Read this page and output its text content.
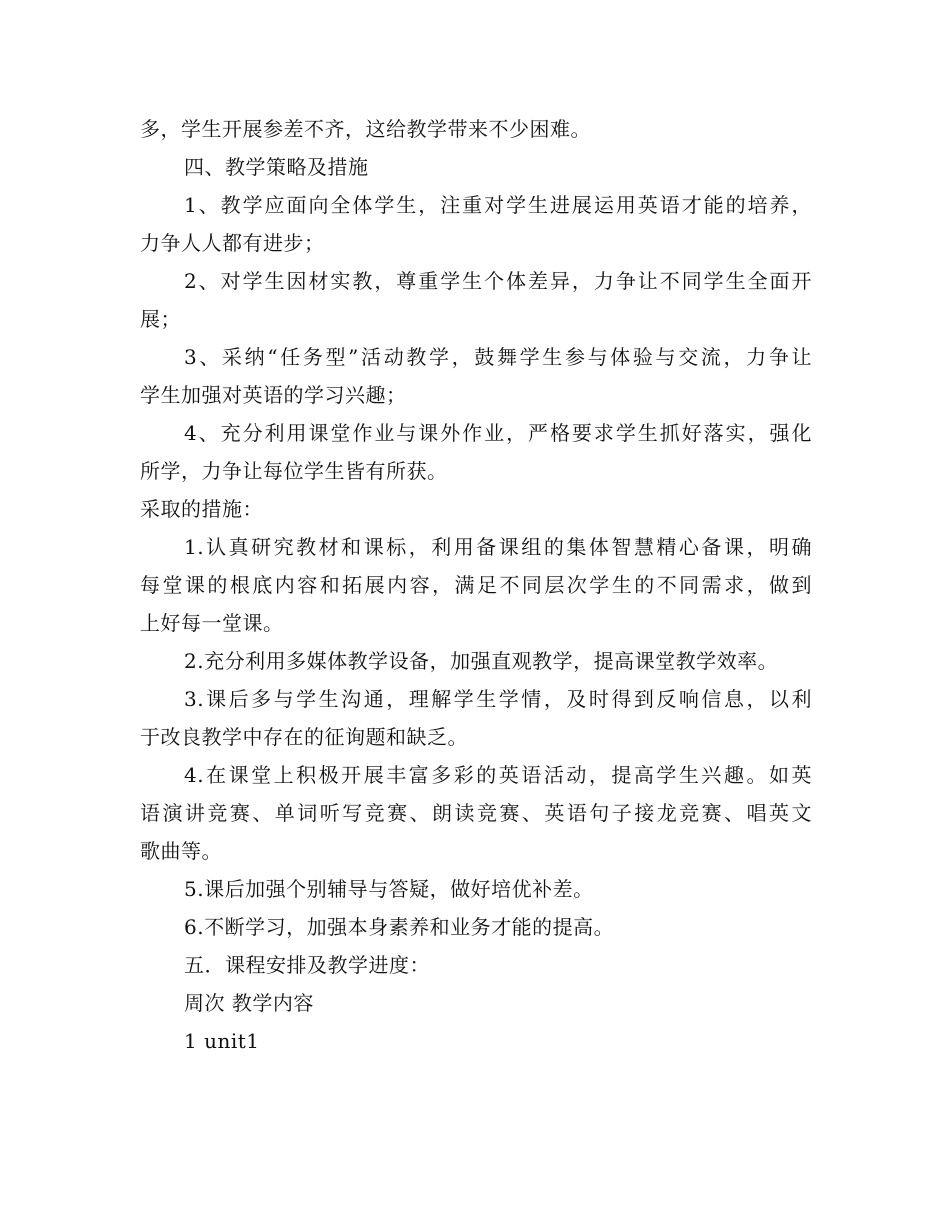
多，学生开展参差不齐，这给教学带来不少困难。
四、教学策略及措施
1、教学应面向全体学生，注重对学生进展运用英语才能的培养，
力争人人都有进步；
2、对学生因材实教，尊重学生个体差异，力争让不同学生全面开
展；
3、采纳“任务型”活动教学，鼓舞学生参与体验与交流，力争让
学生加强对英语的学习兴趣；
4、充分利用课堂作业与课外作业，严格要求学生抓好落实，强化
所学，力争让每位学生皆有所获。
采取的措施：
1.认真研究教材和课标，利用备课组的集体智慧精心备课，明确
每堂课的根底内容和拓展内容，满足不同层次学生的不同需求，做到
上好每一堂课。
2.充分利用多媒体教学设备，加强直观教学，提高课堂教学效率。
3.课后多与学生沟通，理解学生学情，及时得到反响信息，以利
于改良教学中存在的征询题和缺乏。
4.在课堂上积极开展丰富多彩的英语活动，提高学生兴趣。如英
语演讲竞赛、单词听写竞赛、朗读竞赛、英语句子接龙竞赛、唱英文
歌曲等。
5.课后加强个别辅导与答疑，做好培优补差。
6.不断学习，加强本身素养和业务才能的提高。
五．课程安排及教学进度：
周次 教学内容
1 unit1
